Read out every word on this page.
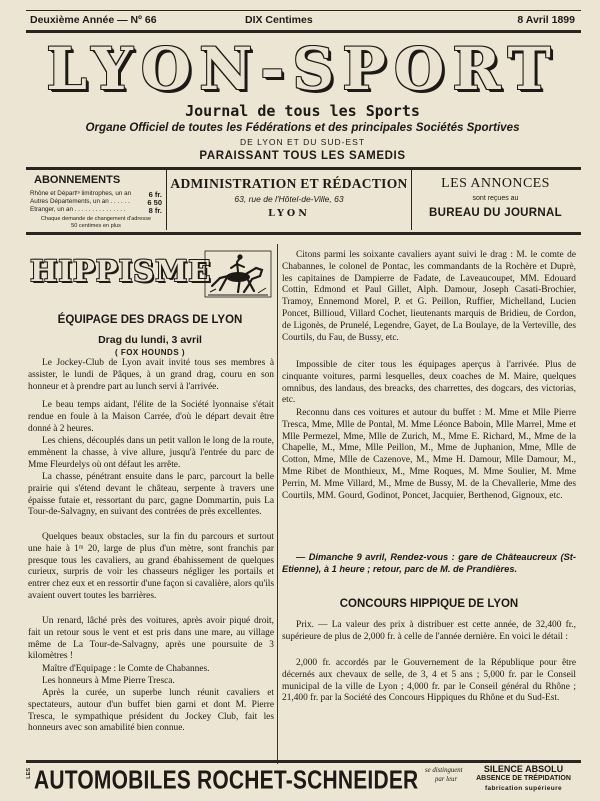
Deuxième Année — Nº 66	DIX Centimes	8 Avril 1899
LYON-SPORT
Journal de tous les Sports
Organe Officiel de toutes les Fédérations et des principales Sociétés Sportives
DE LYON ET DU SUD-EST
PARAISSANT TOUS LES SAMEDIS
ABONNEMENTS
Rhône et Départᵗˢ limitrophes, un an 6 fr.
Autres Départements, un an . . . . . . 6 50
Etranger, un an . . . . . . . . . . . . . . .	8 fr.
Chaque demande de changement d'adresse
50 centimes en plus
ADMINISTRATION ET RÉDACTION
63, rue de l'Hôtel-de-Ville, 63
LYON
LES ANNONCES
sont reçues au
BUREAU DU JOURNAL
HIPPISME
ÉQUIPAGE DES DRAGS DE LYON
Drag du lundi, 3 avril
( FOX HOUNDS )

Le Jockey-Club de Lyon avait invité tous ses membres à assister, le lundi de Pâques, à un grand drag, couru en son honneur et à prendre part au lunch servi à l'arrivée.

Le beau temps aidant, l'élite de la Société lyonnaise s'était rendue en foule à la Maison Carrée, d'où le départ devait être donné à 2 heures.

Les chiens, découplés dans un petit vallon le long de la route, emmènent la chasse, à vive allure, jusqu'à l'entrée du parc de Mme Fleurdelys où ont défaut les arrête.

La chasse, pénétrant ensuite dans le parc, parcourt la belle prairie qui s'étend devant le château, serpente à travers une épaisse futaie et, ressortant du parc, gagne Dommartin, puis La Tour-de-Salvagny, en suivant des contrées de près excellentes.

Quelques beaux obstacles, sur la fin du parcours et surtout une haie à 1ᵐ 20, large de plus d'un mètre, sont franchis par presque tous les cavaliers, au grand ébahissement de quelques curieux, surpris de voir les chasseurs négliger les portails et entrer chez eux et en ressortir d'une façon si cavalière, alors qu'ils avaient ouvert toutes les barrières.

Un renard, lâché près des voitures, après avoir piqué droit, fait un retour sous le vent et est pris dans une mare, au village même de La Tour-de-Salvagny, après une poursuite de 3 kilomètres !

Maître d'Equipage : le Comte de Chabannes.

Les honneurs à Mme Pierre Tresca.

Après la curée, un superbe lunch réunit cavaliers et spectateurs, autour d'un buffet bien garni et dont M. Pierre Tresca, le sympathique président du Jockey Club, fait les honneurs avec son amabilité bien connue.

Citons parmi les soixante cavaliers ayant suivi le drag : M. le comte de Chabannes, le colonel de Pontac, les commandants de la Rochère et Duprè, les capitaines de Dampierre de Fadate, de Laveaucoupet, MM. Edouard Cottin, Edmond et Paul Gillet, Alph. Damour, Joseph Casati-Brochier, Tramoy, Ennemond Morel, P. et G. Peillon, Ruffier, Michelland, Lucien Poncet, Billioud, Villard Cochet, lieutenants marquis de Bridieu, de Cordon, de Ligonès, de Prunelé, Legendre, Gayet, de La Boulaye, de la Verteville, des Courtils, du Fau, de Bussy, etc.

Impossible de citer tous les équipages aperçus à l'arrivée. Plus de cinquante voitures, parmi lesquelles, deux coaches de M. Maire, quelques omnibus, des landaus, des breacks, des charrettes, des dogcars, des victorias, etc.

Reconnu dans ces voitures et autour du buffet : M. Mme et Mlle Pierre Tresca, Mme, Mlle de Pontal, M. Mme Léonce Baboin, Mlle Marrel, Mme et Mlle Permezel, Mme, Mlle de Zurich, M., Mme E. Richard, M., Mme de la Chapelle, M., Mme, Mlle Peillon, M., Mme de Juphanion, Mme, Mlle de Cotton, Mme, Mlle de Cazenove, M., Mme H. Damour, Mlle Damour, M., Mme Ribet de Monthieux, M., Mme Roques, M. Mme Soulier, M. Mme Perrin, M. Mme Villard, M., Mme de Bussy, M. de la Chevallerie, Mme des Courtils, MM. Gourd, Godinot, Poncet, Jacquier, Berthenod, Gignoux, etc.

— Dimanche 9 avril, Rendez-vous : gare de Châteaucreux (St-Etienne), à 1 heure ; retour, parc de M. de Prandières.

CONCOURS HIPPIQUE DE LYON

Prix. — La valeur des prix à distribuer est cette année, de 32,400 fr., supérieure de plus de 2,000 fr. à celle de l'année dernière. En voici le détail :

2,000 fr. accordés par le Gouvernement de la République pour être décernés aux chevaux de selle, de 3, 4 et 5 ans ; 5,000 fr. par le Conseil municipal de la ville de Lyon ; 4,000 fr. par le Conseil général du Rhône ; 21,400 fr. par la Société des Concours Hippiques du Rhône et du Sud-Est.

LES AUTOMOBILES ROCHET-SCHNEIDER se distinguent
par leur
SILENCE ABSOLU
ABSENCE DE TRÉPIDATION
fabrication supérieure
